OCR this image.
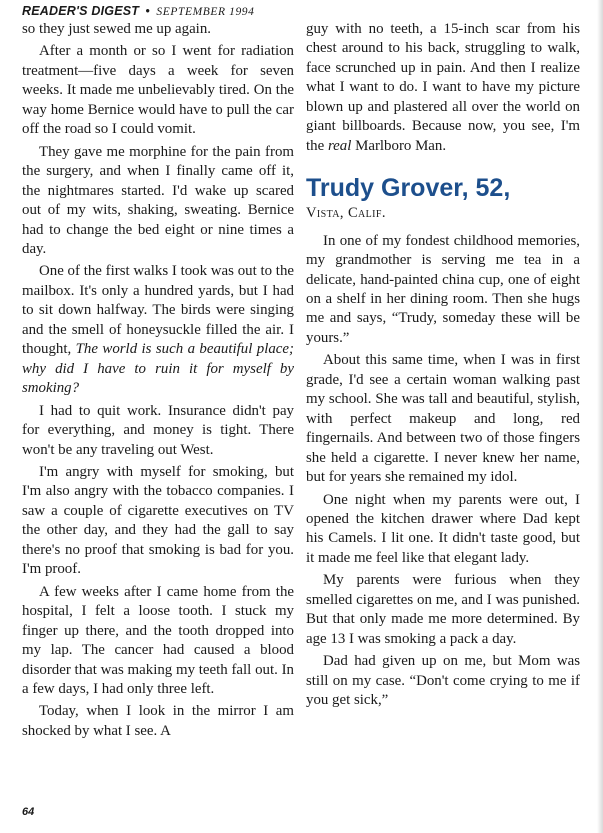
READER'S DIGEST • SEPTEMBER 1994

so they just sewed me up again.

After a month or so I went for radiation treatment—five days a week for seven weeks. It made me unbelievably tired. On the way home Bernice would have to pull the car off the road so I could vomit.

They gave me morphine for the pain from the surgery, and when I finally came off it, the nightmares started. I'd wake up scared out of my wits, shaking, sweating. Bernice had to change the bed eight or nine times a day.

One of the first walks I took was out to the mailbox. It's only a hundred yards, but I had to sit down halfway. The birds were singing and the smell of honeysuckle filled the air. I thought, The world is such a beautiful place; why did I have to ruin it for myself by smoking?

I had to quit work. Insurance didn't pay for everything, and money is tight. There won't be any traveling out West.

I'm angry with myself for smoking, but I'm also angry with the tobacco companies. I saw a couple of cigarette executives on TV the other day, and they had the gall to say there's no proof that smoking is bad for you. I'm proof.

A few weeks after I came home from the hospital, I felt a loose tooth. I stuck my finger up there, and the tooth dropped into my lap. The cancer had caused a blood disorder that was making my teeth fall out. In a few days, I had only three left.

Today, when I look in the mirror I am shocked by what I see. A

guy with no teeth, a 15-inch scar from his chest around to his back, struggling to walk, face scrunched up in pain. And then I realize what I want to do. I want to have my picture blown up and plastered all over the world on giant billboards. Because now, you see, I'm the real Marlboro Man.

Trudy Grover, 52,
Vista, Calif.

In one of my fondest childhood memories, my grandmother is serving me tea in a delicate, hand-painted china cup, one of eight on a shelf in her dining room. Then she hugs me and says, “Trudy, someday these will be yours.”

About this same time, when I was in first grade, I'd see a certain woman walking past my school. She was tall and beautiful, stylish, with perfect makeup and long, red fingernails. And between two of those fingers she held a cigarette. I never knew her name, but for years she remained my idol.

One night when my parents were out, I opened the kitchen drawer where Dad kept his Camels. I lit one. It didn't taste good, but it made me feel like that elegant lady.

My parents were furious when they smelled cigarettes on me, and I was punished. But that only made me more determined. By age 13 I was smoking a pack a day.

Dad had given up on me, but Mom was still on my case. “Don't come crying to me if you get sick,”

64
